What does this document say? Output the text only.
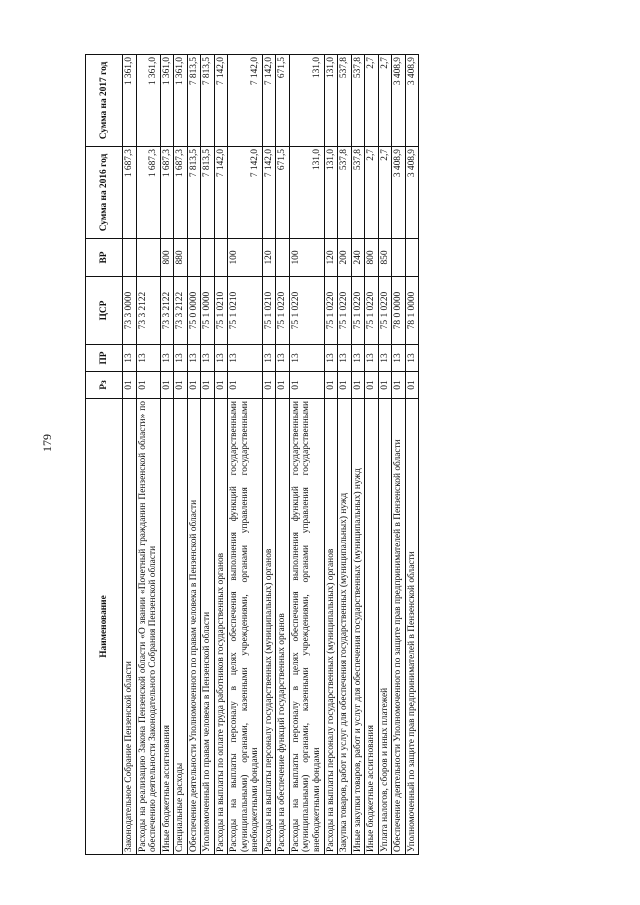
179
Наименование	Рз	ПР	ЦСР	ВР	Сумма на 2016 год	Сумма на 2017 год
Законодательное Собрание Пензенской области	01	13	73 3 0000		1 687,3	1 361,0
Расходы на реализацию Закона Пензенской области «О звании «Почетный гражданин Пензенской области» по обеспечению деятельности Законодательного Собрания Пензенской области	01	13	73 3 2122		1 687,3	1 361,0
Иные бюджетные ассигнования	01	13	73 3 2122	800	1 687,3	1 361,0
Специальные расходы	01	13	73 3 2122	880	1 687,3	1 361,0
Обеспечение деятельности Уполномоченного по правам человека в Пензенской области	01	13	75 0 0000		7 813,5	7 813,5
Уполномоченный по правам человека в Пензенской области	01	13	75 1 0000		7 813,5	7 813,5
Расходы на выплаты по оплате труда работников государственных органов	01	13	75 1 0210		7 142,0	7 142,0
Расходы на выплаты персоналу в целях обеспечения выполнения функций государственными (муниципальными) органами, казенными учреждениями, органами управления государственными внебюджетными фондами	01	13	75 1 0210	100	7 142,0	7 142,0
Расходы на выплаты персоналу государственных (муниципальных) органов	01	13	75 1 0210	120	7 142,0	7 142,0
Расходы на обеспечение функций государственных органов	01	13	75 1 0220		671,5	671,5
Расходы на выплаты персоналу в целях обеспечения выполнения функций государственными (муниципальными) органами, казенными учреждениями, органами управления государственными внебюджетными фондами	01	13	75 1 0220	100	131,0	131,0
Расходы на выплаты персоналу государственных (муниципальных) органов	01	13	75 1 0220	120	131,0	131,0
Закупка товаров, работ и услуг для обеспечения государственных (муниципальных) нужд	01	13	75 1 0220	200	537,8	537,8
Иные закупки товаров, работ и услуг для обеспечения государственных (муниципальных) нужд	01	13	75 1 0220	240	537,8	537,8
Иные бюджетные ассигнования	01	13	75 1 0220	800	2,7	2,7
Уплата налогов, сборов и иных платежей	01	13	75 1 0220	850	2,7	2,7
Обеспечение деятельности Уполномоченного по защите прав предпринимателей в Пензенской области	01	13	78 0 0000		3 408,9	3 408,9
Уполномоченный по защите прав предпринимателей в Пензенской области	01	13	78 1 0000		3 408,9	3 408,9
